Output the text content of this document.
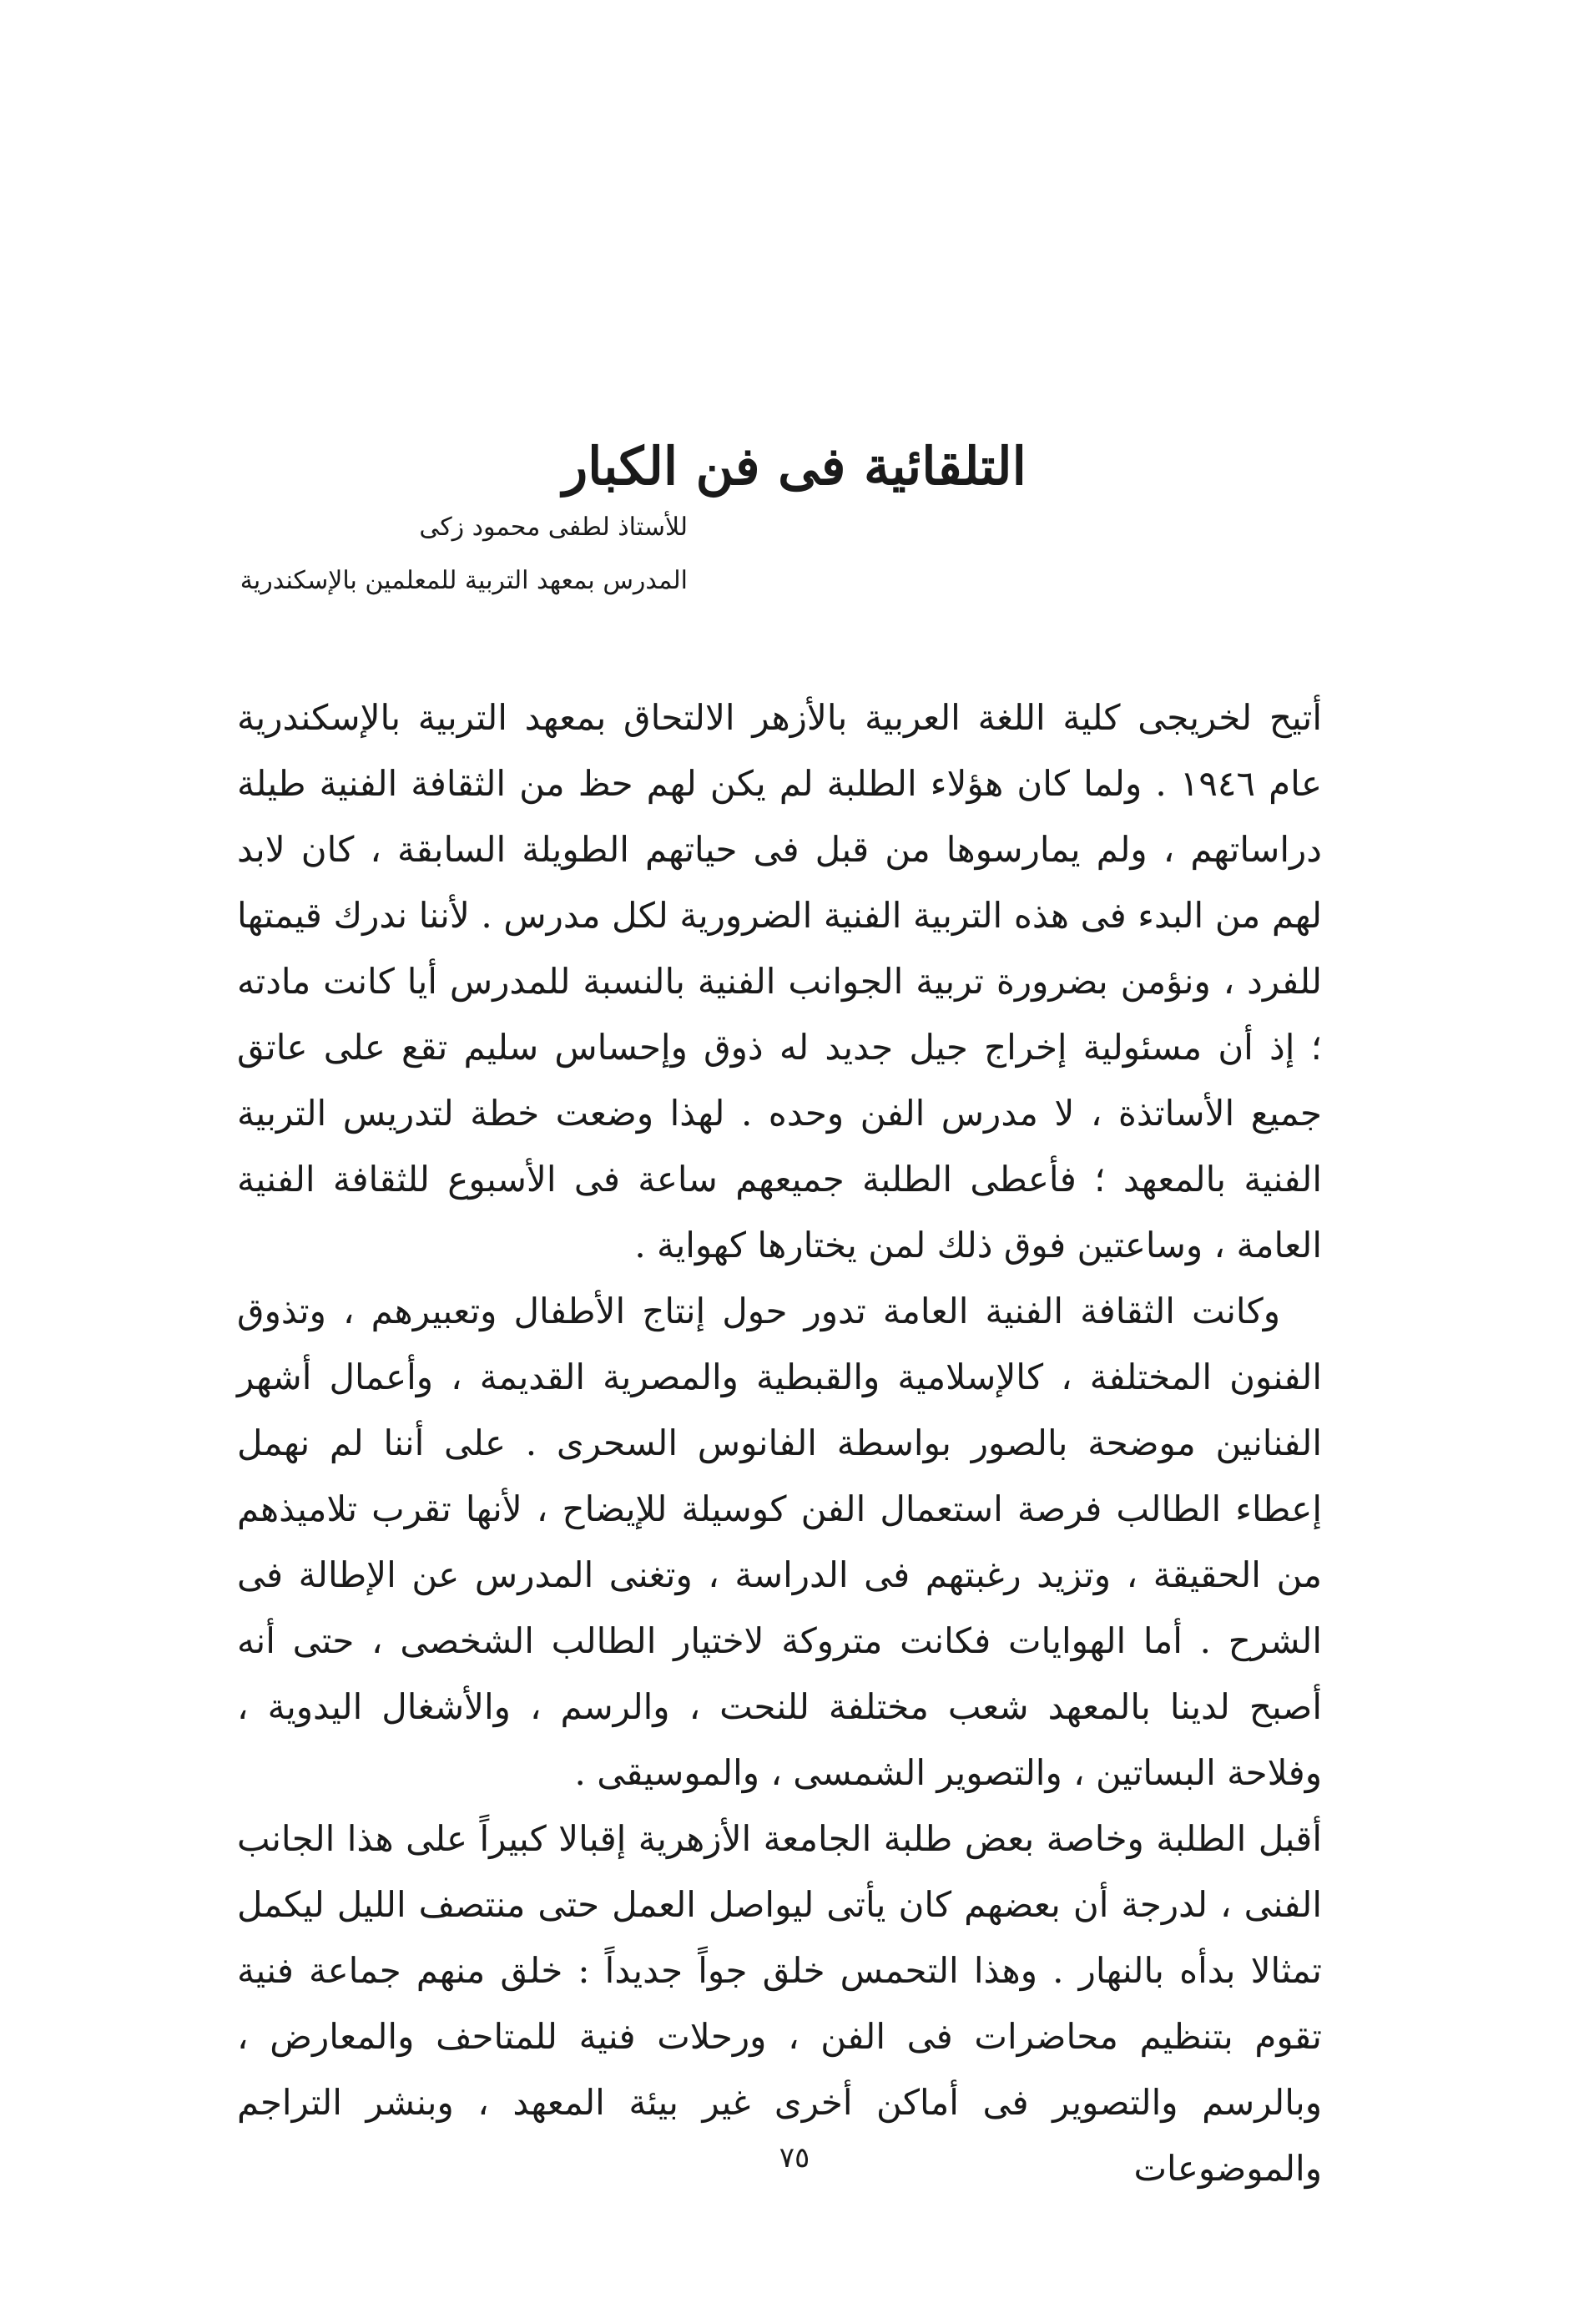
التلقائية فى فن الكبار
للأستاذ لطفى محمود زكى
المدرس بمعهد التربية للمعلمين بالإسكندرية

أتيح لخريجى كلية اللغة العربية بالأزهر الالتحاق بمعهد التربية بالإسكندرية عام ١٩٤٦ . ولما كان هؤلاء الطلبة لم يكن لهم حظ من الثقافة الفنية طيلة دراساتهم ، ولم يمارسوها من قبل فى حياتهم الطويلة السابقة ، كان لابد لهم من البدء فى هذه التربية الفنية الضرورية لكل مدرس . لأننا ندرك قيمتها للفرد ، ونؤمن بضرورة تربية الجوانب الفنية بالنسبة للمدرس أيا كانت مادته ؛ إذ أن مسئولية إخراج جيل جديد له ذوق وإحساس سليم تقع على عاتق جميع الأساتذة ، لا مدرس الفن وحده . لهذا وضعت خطة لتدريس التربية الفنية بالمعهد ؛ فأعطى الطلبة جميعهم ساعة فى الأسبوع للثقافة الفنية العامة ، وساعتين فوق ذلك لمن يختارها كهواية .

وكانت الثقافة الفنية العامة تدور حول إنتاج الأطفال وتعبيرهم ، وتذوق الفنون المختلفة ، كالإسلامية والقبطية والمصرية القديمة ، وأعمال أشهر الفنانين موضحة بالصور بواسطة الفانوس السحرى . على أننا لم نهمل إعطاء الطالب فرصة استعمال الفن كوسيلة للإيضاح ، لأنها تقرب تلاميذهم من الحقيقة ، وتزيد رغبتهم فى الدراسة ، وتغنى المدرس عن الإطالة فى الشرح . أما الهوايات فكانت متروكة لاختيار الطالب الشخصى ، حتى أنه أصبح لدينا بالمعهد شعب مختلفة للنحت ، والرسم ، والأشغال اليدوية ، وفلاحة البساتين ، والتصوير الشمسى ، والموسيقى .

أقبل الطلبة وخاصة بعض طلبة الجامعة الأزهرية إقبالا كبيراً على هذا الجانب الفنى ، لدرجة أن بعضهم كان يأتى ليواصل العمل حتى منتصف الليل ليكمل تمثالا بدأه بالنهار . وهذا التحمس خلق جواً جديداً : خلق منهم جماعة فنية تقوم بتنظيم محاضرات فى الفن ، ورحلات فنية للمتاحف والمعارض ، وبالرسم والتصوير فى أماكن أخرى غير بيئة المعهد ، وبنشر التراجم والموضوعات

٧٥
